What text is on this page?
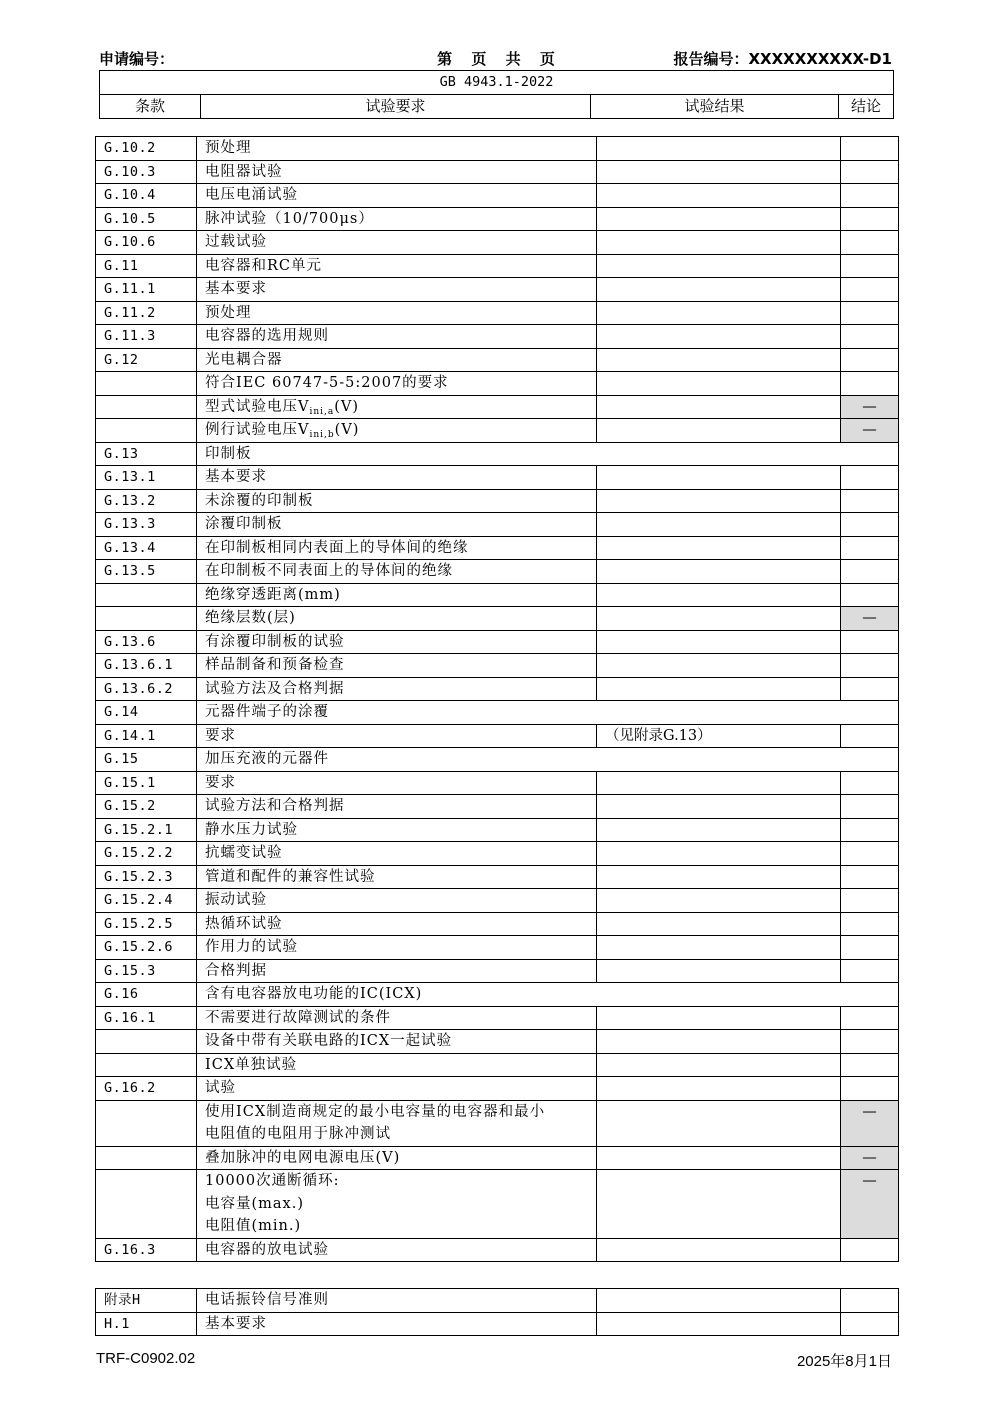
申请编号：	第 页 共 页	报告编号：XXXXXXXXXX-D1
GB 4943.1-2022
条款	试验要求	试验结果	结论
G.10.2	预处理		

G.10.3	电阻器试验		

G.10.4	电压电涌试验		

G.10.5	脉冲试验（10/700μs）		

G.10.6	过载试验		

G.11	电容器和RC单元		

G.11.1	基本要求		

G.11.2	预处理		

G.11.3	电容器的选用规则		

G.12	光电耦合器		

	符合IEC 60747-5-5:2007的要求		

	型式试验电压$V_{ini,a}(V)$		—

	例行试验电压$V_{ini,b}(V)$		—
G.13	印制板		

G.13.1	基本要求		

G.13.2	未涂覆的印制板		

G.13.3	涂覆印制板		

G.13.4	在印制板相同内表面上的导体间的绝缘		

G.13.5	在印制板不同表面上的导体间的绝缘		

	绝缘穿透距离(mm)		

	绝缘层数(层)		—
G.13.6	有涂覆印制板的试验		

G.13.6.1	样品制备和预备检查		

G.13.6.2	试验方法及合格判据		

G.14	元器件端子的涂覆		

G.14.1	要求	（见附录G.13）	
G.15	加压充液的元器件		

G.15.1	要求		

G.15.2	试验方法和合格判据		

G.15.2.1	静水压力试验		

G.15.2.2	抗蠕变试验		

G.15.2.3	管道和配件的兼容性试验		

G.15.2.4	振动试验		

G.15.2.5	热循环试验		

G.15.2.6	作用力的试验		

G.15.3	合格判据		

G.16	含有电容器放电功能的IC(ICX)		

G.16.1	不需要进行故障测试的条件		

	设备中带有关联电路的ICX一起试验		

	ICX单独试验		

G.16.2	试验		

	使用ICX制造商规定的最小电容量的电容器和最小
电阻值的电阻用于脉冲测试		—

	叠加脉冲的电网电源电压(V)		—

	10000次通断循环:
电容量(max.)
电阻值(min.)		—
G.16.3	电容器的放电试验		

附录H	电话振铃信号准则		

H.1	基本要求		

TRF-C0902.02	2025年8月1日
